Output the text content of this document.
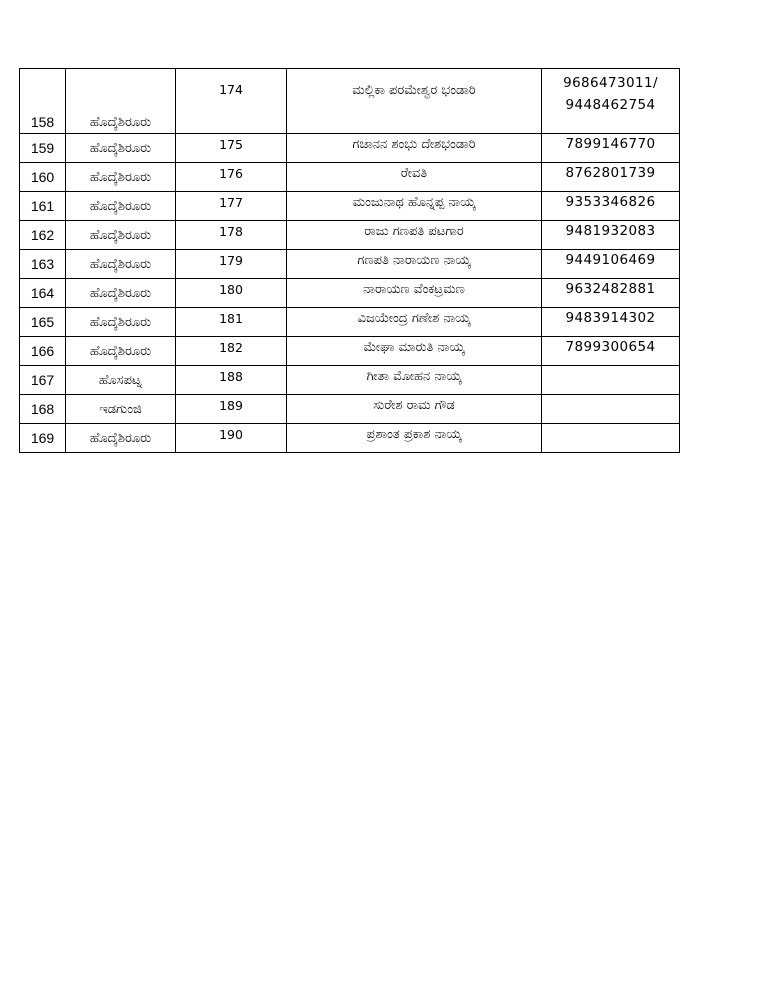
158	ಹೊದ್ಕೆಶಿರೂರು	174	ಮಲ್ಲಿಕಾ ಪರಮೇಶ್ವರ ಭಂಡಾರಿ	9686473011/
9448462754

159	ಹೊದ್ಕೆಶಿರೂರು	175	ಗಜಾನನ ಶಂಭು ದೇಶಭಂಡಾರಿ	7899146770
160	ಹೊದ್ಕೆಶಿರೂರು	176	ರೇವತಿ	8762801739
161	ಹೊದ್ಕೆಶಿರೂರು	177	ಮಂಜುನಾಥ ಹೊನ್ನಪ್ಪ ನಾಯ್ಕ	9353346826
162	ಹೊದ್ಕೆಶಿರೂರು	178	ರಾಜು ಗಣಪತಿ ಪಟಗಾರ	9481932083
163	ಹೊದ್ಕೆಶಿರೂರು	179	ಗಣಪತಿ ನಾರಾಯಣ ನಾಯ್ಕ	9449106469
164	ಹೊದ್ಕೆಶಿರೂರು	180	ನಾರಾಯಣ ವೆಂಕಟ್ರಮಣ	9632482881
165	ಹೊದ್ಕೆಶಿರೂರು	181	ವಿಜಯೇಂದ್ರ ಗಣೇಶ ನಾಯ್ಕ	9483914302
166	ಹೊದ್ಕೆಶಿರೂರು	182	ಮೇಘಾ ಮಾರುತಿ ನಾಯ್ಕ	7899300654
167	ಹೊಸಪಟ್ನ	188	ಗೀತಾ ಮೋಹನ ನಾಯ್ಕ	
168	ಇಡಗುಂಜಿ	189	ಸುರೇಶ ರಾಮ ಗೌಡ	
169	ಹೊದ್ಕೆಶಿರೂರು	190	ಪ್ರಶಾಂತ ಪ್ರಕಾಶ ನಾಯ್ಕ	
